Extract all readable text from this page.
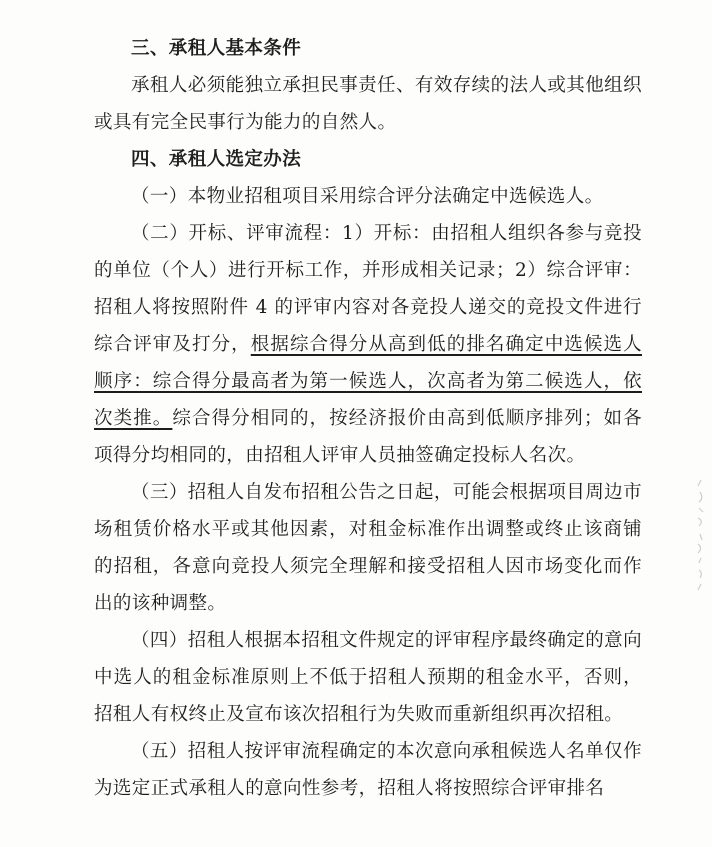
三、承租人基本条件

承租人必须能独立承担民事责任、有效存续的法人或其他组织或具有完全民事行为能力的自然人。

四、承租人选定办法

（一）本物业招租项目采用综合评分法确定中选候选人。

（二）开标、评审流程：1）开标：由招租人组织各参与竞投的单位（个人）进行开标工作，并形成相关记录；2）综合评审：招租人将按照附件 4 的评审内容对各竞投人递交的竞投文件进行综合评审及打分，根据综合得分从高到低的排名确定中选候选人顺序：综合得分最高者为第一候选人，次高者为第二候选人，依次类推。综合得分相同的，按经济报价由高到低顺序排列；如各项得分均相同的，由招租人评审人员抽签确定投标人名次。

（三）招租人自发布招租公告之日起，可能会根据项目周边市场租赁价格水平或其他因素，对租金标准作出调整或终止该商铺的招租，各意向竞投人须完全理解和接受招租人因市场变化而作出的该种调整。

（四）招租人根据本招租文件规定的评审程序最终确定的意向中选人的租金标准原则上不低于招租人预期的租金水平，否则，招租人有权终止及宣布该次招租行为失败而重新组织再次招租。

（五）招租人按评审流程确定的本次意向承租候选人名单仅作为选定正式承租人的意向性参考，招租人将按照综合评审排名
